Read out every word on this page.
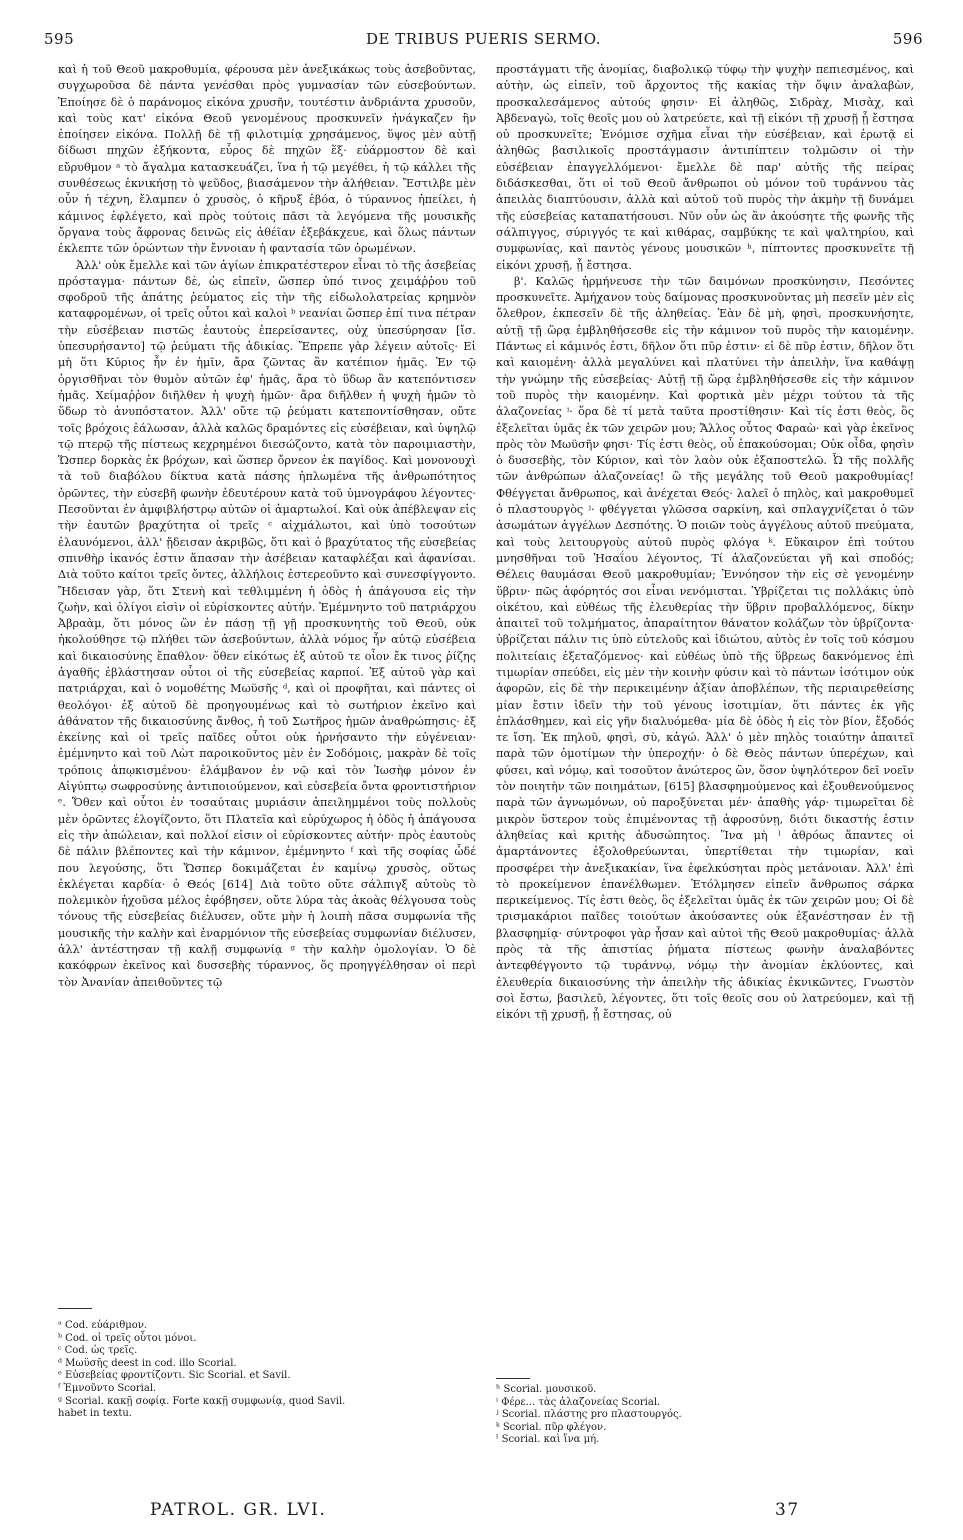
595	DE TRIBUS PUERIS SERMO.	596

καὶ ἡ τοῦ Θεοῦ μακροθυμία, φέρουσα μὲν ἀνεξικάκως τοὺς ἀσεβοῦντας, συγχωροῦσα δὲ πάντα γενέσθαι πρὸς γυμνασίαν τῶν εὐσεβούντων. Ἐποίησε δὲ ὁ παράνομος εἰκόνα χρυσῆν, τουτέστιν ἀνδριάντα χρυσοῦν, καὶ τοὺς κατ' εἰκόνα Θεοῦ γενομένους προσκυνεῖν ἠνάγκαζεν ἣν ἐποίησεν εἰκόνα. Πολλῇ δὲ τῇ φιλοτιμίᾳ χρησάμενος, ὕψος μὲν αὐτῇ δίδωσι πηχῶν ἑξήκοντα, εὖρος δὲ πηχῶν ἕξ· εὐάρμοστον δὲ καὶ εὔρυθμον ᵃ τὸ ἄγαλμα κατασκευάζει, ἵνα ἡ τῷ μεγέθει, ἡ τῷ κάλλει τῆς συνθέσεως ἐκνικήσῃ τὸ ψεῦδος, βιασάμενον τὴν ἀλήθειαν. Ἔστιλβε μὲν οὖν ἡ τέχνη, ἔλαμπεν ὁ χρυσὸς, ὁ κῆρυξ ἐβόα, ὁ τύραννος ἠπείλει, ἡ κάμινος ἐφλέγετο, καὶ πρὸς τούτοις πᾶσι τὰ λεγόμενα τῆς μουσικῆς ὄργανα τοὺς ἄφρονας δεινῶς εἰς ἀθέῖαν ἐξεβάκχευε, καὶ ὅλως πάντων ἐκλεπτε τῶν ὁρώντων τὴν ἔννοιαν ἡ φαντασία τῶν ὁρωμένων.

Ἀλλ' οὐκ ἔμελλε καὶ τῶν ἁγίων ἐπικρατέστερον εἶναι τὸ τῆς ἀσεβείας πρόσταγμα· πάντων δὲ, ὡς εἰπεῖν, ὥσπερ ὑπό τινος χειμάῤῥου τοῦ σφοδροῦ τῆς ἀπάτης ῥεύματος εἰς τὴν τῆς εἰδωλολατρείας κρημνὸν καταφρομένων, οἱ τρεῖς οὗτοι καὶ καλοὶ ᵇ νεανίαι ὥσπερ ἐπί τινα πέτραν τὴν εὐσέβειαν πιστῶς ἑαυτοὺς ἐπερείσαντες, οὐχ ὑπεσύρησαν [ἴσ. ὑπεσυρήσαντο] τῷ ῥεύματι τῆς ἀδικίας. Ἔπρεπε γὰρ λέγειν αὐτοῖς· Εἰ μὴ ὅτι Κύριος ἦν ἐν ἡμῖν, ἄρα ζῶντας ἂν κατέπιον ἡμᾶς. Ἐν τῷ ὀργισθῆναι τὸν θυμὸν αὐτῶν ἐφ' ἡμᾶς, ἄρα τὸ ὕδωρ ἂν κατεπόντισεν ἡμᾶς. Χείμαῤῥον διῆλθεν ἡ ψυχὴ ἡμῶν· ἄρα διῆλθεν ἡ ψυχὴ ἡμῶν τὸ ὕδωρ τὸ ἀνυπόστατον. Ἀλλ' οὔτε τῷ ῥεύματι κατεποντίσθησαν, οὔτε τοῖς βρόχοις ἑάλωσαν, ἀλλὰ καλῶς δραμόντες εἰς εὐσέβειαν, καὶ ὑψηλῷ τῷ πτερῷ τῆς πίστεως κεχρημένοι διεσώζοντο, κατὰ τὸν παροιμιαστὴν, Ὥσπερ δορκὰς ἐκ βρόχων, καὶ ὥσπερ ὄρνεον ἐκ παγίδος. Καὶ μονονουχὶ τὰ τοῦ διαβόλου δίκτυα κατὰ πάσης ἡπλωμένα τῆς ἀνθρωπότητος ὁρῶντες, τὴν εὐσεβῆ φωνὴν ἐδευτέρουν κατὰ τοῦ ὑμνογράφου λέγοντες· Πεσοῦνται ἐν ἀμφιβλήστρῳ αὐτῶν οἱ ἁμαρτωλοί. Καὶ οὐκ ἀπέβλεψαν εἰς τὴν ἑαυτῶν βραχύτητα οἱ τρεῖς ᶜ αἰχμάλωτοι, καὶ ὑπὸ τοσούτων ἐλαυνόμενοι, ἀλλ' ᾔδεισαν ἀκριβῶς, ὅτι καὶ ὁ βραχύτατος τῆς εὐσεβείας σπινθὴρ ἱκανός ἐστιν ἅπασαν τὴν ἀσέβειαν καταφλέξαι καὶ ἀφανίσαι. Διὰ τοῦτο καίτοι τρεῖς ὄντες, ἀλλήλοις ἐστερεοῦντο καὶ συνεσφίγγοντο. Ἤδεισαν γὰρ, ὅτι Στενὴ καὶ τεθλιμμένη ἡ ὁδὸς ἡ ἀπάγουσα εἰς τὴν ζωὴν, καὶ ὀλίγοι εἰσὶν οἱ εὑρίσκοντες αὐτήν. Ἐμέμνηντο τοῦ πατριάρχου Ἀβραὰμ, ὅτι μόνος ὢν ἐν πάσῃ τῇ γῇ προσκυνητὴς τοῦ Θεοῦ, οὐκ ἠκολούθησε τῷ πλήθει τῶν ἀσεβούντων, ἀλλὰ νόμος ἦν αὐτῷ εὐσέβεια καὶ δικαιοσύνης ἔπαθλον· ὅθεν εἰκότως ἐξ αὐτοῦ τε οἷον ἔκ τινος ῥίζης ἀγαθῆς ἐβλάστησαν οὗτοι οἱ τῆς εὐσεβείας καρποί. Ἐξ αὐτοῦ γὰρ καὶ πατριάρχαι, καὶ ὁ νομοθέτης Μωϋσῆς ᵈ, καὶ οἱ προφῆται, καὶ πάντες οἱ θεολόγοι· ἐξ αὐτοῦ δὲ προηγουμένως καὶ τὸ σωτήριον ἐκεῖνο καὶ ἀθάνατον τῆς δικαιοσύνης ἄνθος, ἡ τοῦ Σωτῆρος ἡμῶν ἀναθρώπησις· ἐξ ἐκείνης καὶ οἱ τρεῖς παῖδες οὗτοι οὐκ ἠρνήσαντο τὴν εὐγένειαν· ἐμέμνηντο καὶ τοῦ Λὼτ παροικοῦντος μὲν ἐν Σοδόμοις, μακρὰν δὲ τοῖς τρόποις ἀπῳκισμένου· ἐλάμβανον ἐν νῷ καὶ τὸν Ἰωσὴφ μόνον ἐν Αἰγύπτῳ σωφροσύνης ἀντιποιούμενον, καὶ εὐσεβεία ὄντα φροντιστήριον ᵉ. Ὅθεν καὶ οὗτοι ἐν τοσαύταις μυριάσιν ἀπειλημμένοι τοὺς πολλοὺς μὲν ὁρῶντες ἐλογίζοντο, ὅτι Πλατεῖα καὶ εὐρύχωρος ἡ ὁδὸς ἡ ἀπάγουσα εἰς τὴν ἀπώλειαν, καὶ πολλοί εἰσιν οἱ εὑρίσκοντες αὐτήν· πρὸς ἑαυτοὺς δὲ πάλιν βλέποντες καὶ τὴν κάμινον, ἐμέμνηντο ᶠ καὶ τῆς σοφίας ὧδέ που λεγούσης, ὅτι Ὥσπερ δοκιμάζεται ἐν καμίνῳ χρυσὸς, οὕτως ἐκλέγεται καρδία· ὁ Θεός [614] Διὰ τοῦτο οὔτε σάλπιγξ αὐτοὺς τὸ πολεμικὸν ἠχοῦσα μέλος ἐφόβησεν, οὔτε λύρα τὰς ἀκοὰς θέλγουσα τοὺς τόνους τῆς εὐσεβείας διέλυσεν, οὔτε μὴν ἡ λοιπὴ πᾶσα συμφωνία τῆς μουσικῆς τὴν καλὴν καὶ ἐναρμόνιον τῆς εὐσεβείας συμφωνίαν διέλυσεν, ἀλλ' ἀντέστησαν τῇ καλῇ συμφωνίᾳ ᵍ τὴν καλὴν ὁμολογίαν. Ὁ δὲ κακόφρων ἐκεῖνος καὶ δυσσεβὴς τύραννος, ὅς προηγγέλθησαν οἱ περὶ τὸν Ἀνανίαν ἀπειθοῦντες τῷ

προστάγματι τῆς ἀνομίας, διαβολικῷ τύφῳ τὴν ψυχὴν πεπιεσμένος, καὶ αὐτὴν, ὡς εἰπεῖν, τοῦ ἄρχοντος τῆς κακίας τὴν ὄψιν ἀναλαβὼν, προσκαλεσάμενος αὐτούς φησιν· Εἰ ἀληθῶς, Σιδρὰχ, Μισὰχ, καὶ Ἀβδεναγὼ, τοῖς θεοῖς μου οὐ λατρεύετε, καὶ τῇ εἰκόνι τῇ χρυσῇ ᾗ ἔστησα οὐ προσκυνεῖτε; Ἐνόμισε σχῆμα εἶναι τὴν εὐσέβειαν, καὶ ἐρωτᾷ εἰ ἀληθῶς βασιλικοῖς προστάγμασιν ἀντιπίπτειν τολμῶσιν οἱ τὴν εὐσέβειαν ἐπαγγελλόμενοι· ἔμελλε δὲ παρ' αὐτῆς τῆς πείρας διδάσκεσθαι, ὅτι οἱ τοῦ Θεοῦ ἄνθρωποι οὐ μόνον τοῦ τυράννου τὰς ἀπειλὰς διαπτύουσιν, ἀλλὰ καὶ αὐτοῦ τοῦ πυρὸς τὴν ἀκμὴν τῇ δυνάμει τῆς εὐσεβείας καταπατήσουσι. Νῦν οὖν ὡς ἂν ἀκούσητε τῆς φωνῆς τῆς σάλπιγγος, σύριγγός τε καὶ κιθάρας, σαμβύκης τε καὶ ψαλτηρίου, καὶ συμφωνίας, καὶ παντὸς γένους μουσικῶν ʰ, πίπτοντες προσκυνεῖτε τῇ εἰκόνι χρυσῇ, ᾗ ἔστησα.

β'. Καλῶς ἡρμήνευσε τὴν τῶν δαιμόνων προσκύνησιν, Πεσόντες προσκυνεῖτε. Ἀμήχανον τοὺς δαίμονας προσκυνοῦντας μὴ πεσεῖν μὲν εἰς ὄλεθρον, ἐκπεσεῖν δὲ τῆς ἀληθείας. Ἐὰν δὲ μὴ, φησὶ, προσκυνήσητε, αὐτῇ τῇ ὥρᾳ ἐμβληθήσεσθε εἰς τὴν κάμινον τοῦ πυρὸς τὴν καιομένην. Πάντως εἰ κάμινός ἐστι, δῆλον ὅτι πῦρ ἐστιν· εἰ δὲ πῦρ ἐστιν, δῆλον ὅτι καὶ καιομένη· ἀλλὰ μεγαλύνει καὶ πλατύνει τὴν ἀπειλὴν, ἵνα καθάψῃ τὴν γνώμην τῆς εὐσεβείας· Αὐτῇ τῇ ὥρᾳ ἐμβληθήσεσθε εἰς τὴν κάμινον τοῦ πυρὸς τὴν καιομένην. Καὶ φορτικὰ μὲν μέχρι τούτου τὰ τῆς ἀλαζονείας ⁱ· ὅρα δὲ τί μετὰ ταῦτα προστίθησιν· Καὶ τίς ἐστι θεὸς, ὃς ἐξελεῖται ὑμᾶς ἐκ τῶν χειρῶν μου; Ἄλλος οὗτος Φαραὼ· καὶ γὰρ ἐκεῖνος πρὸς τὸν Μωϋσῆν φησι· Τίς ἐστι θεὸς, οὗ ἐπακούσομαι; Οὐκ οἶδα, φησὶν ὁ δυσσεβὴς, τὸν Κύριον, καὶ τὸν λαὸν οὐκ ἐξαποστελῶ. Ὦ τῆς πολλῆς τῶν ἀνθρώπων ἀλαζονείας! ὢ τῆς μεγάλης τοῦ Θεοῦ μακροθυμίας! Φθέγγεται ἄνθρωπος, καὶ ἀνέχεται Θεός· λαλεῖ ὁ πηλὸς, καὶ μακροθυμεῖ ὁ πλαστουργὸς ʲ· φθέγγεται γλῶσσα σαρκίνη, καὶ σπλαγχνίζεται ὁ τῶν ἀσωμάτων ἀγγέλων Δεσπότης. Ὁ ποιῶν τοὺς ἀγγέλους αὐτοῦ πνεύματα, καὶ τοὺς λειτουργοὺς αὐτοῦ πυρὸς φλόγα ᵏ. Εὔκαιρον ἐπὶ τούτου μνησθῆναι τοῦ Ἡσαΐου λέγοντος, Τί ἀλαζονεύεται γῆ καὶ σποδός; Θέλεις θαυμάσαι Θεοῦ μακροθυμίαν; Ἐννόησον τὴν εἰς σὲ γενομένην ὕβριν· πῶς ἀφόρητός σοι εἶναι νενόμισται. Ὑβρίζεται τις πολλάκις ὑπὸ οἰκέτου, καὶ εὐθέως τῆς ἐλευθερίας τὴν ὕβριν προβαλλόμενος, δίκην ἀπαιτεῖ τοῦ τολμήματος, ἀπαραίτητον θάνατον κολάζων τὸν ὑβρίζοντα· ὑβρίζεται πάλιν τις ὑπὸ εὐτελοῦς καὶ ἰδιώτου, αὐτὸς ἐν τοῖς τοῦ κόσμου πολιτείαις ἐξεταζόμενος· καὶ εὐθέως ὑπὸ τῆς ὕβρεως δακνόμενος ἐπὶ τιμωρίαν σπεύδει, εἰς μὲν τὴν κοινὴν φύσιν καὶ τὸ πάντων ἰσότιμον οὐκ ἀφορῶν, εἰς δὲ τὴν περικειμένην ἀξίαν ἀποβλέπων, τῆς περιαιρεθείσης μίαν ἔστιν ἰδεῖν τὴν τοῦ γένους ἰσοτιμίαν, ὅτι πάντες ἐκ γῆς ἐπλάσθημεν, καὶ εἰς γῆν διαλυόμεθα· μία δὲ ὁδὸς ἡ εἰς τὸν βίον, ἔξοδός τε ἴση. Ἐκ πηλοῦ, φησὶ, σὺ, κἀγώ. Ἀλλ' ὁ μὲν πηλὸς τοιαύτην ἀπαιτεῖ παρὰ τῶν ὁμοτίμων τὴν ὑπεροχήν· ὁ δὲ Θεὸς πάντων ὑπερέχων, καὶ φύσει, καὶ νόμῳ, καὶ τοσοῦτον ἀνώτερος ὢν, ὅσον ὑψηλότερον δεῖ νοεῖν τὸν ποιητὴν τῶν ποιημάτων, [615] βλασφημούμενος καὶ ἐξουθενούμενος παρὰ τῶν ἀγνωμόνων, οὐ παροξύνεται μέν· ἀπαθὴς γάρ· τιμωρεῖται δὲ μικρὸν ὕστερον τοὺς ἐπιμένοντας τῇ ἀφροσύνῃ, διότι δικαστής ἐστιν ἀληθείας καὶ κριτὴς ἀδυσώπητος. Ἵνα μὴ ˡ ἀθρόως ἅπαντες οἱ ἁμαρτάνοντες ἐξολοθρεύωνται, ὑπερτίθεται τὴν τιμωρίαν, καὶ προσφέρει τὴν ἀνεξικακίαν, ἵνα ἐφελκύσηται πρὸς μετάνοιαν. Ἀλλ' ἐπὶ τὸ προκείμενον ἐπανέλθωμεν. Ἐτόλμησεν εἰπεῖν ἄνθρωπος σάρκα περικείμενος. Τίς ἐστι θεὸς, ὃς ἐξελεῖται ὑμᾶς ἐκ τῶν χειρῶν μου; Οἱ δὲ τρισμακάριοι παῖδες τοιούτων ἀκούσαντες οὐκ ἐξανέστησαν ἐν τῇ βλασφημίᾳ· σύντροφοι γὰρ ἦσαν καὶ αὐτοὶ τῆς Θεοῦ μακροθυμίας· ἀλλὰ πρὸς τὰ τῆς ἀπιστίας ῥήματα πίστεως φωνὴν ἀναλαβόντες ἀντεφθέγγοντο τῷ τυράννῳ, νόμῳ τὴν ἀνομίαν ἐκλύοντες, καὶ ἐλευθερία δικαιοσύνης τὴν ἀπειλὴν τῆς ἀδικίας ἐκνικῶντες, Γνωστὸν σοὶ ἔστω, βασιλεῦ, λέγοντες, ὅτι τοῖς θεοῖς σου οὐ λατρεύομεν, καὶ τῇ εἰκόνι τῇ χρυσῇ, ᾗ ἔστησας, οὐ

ᵃ Cod. εὐάριθμον.
ᵇ Cod. οἱ τρεῖς οὗτοι μόνοι.
ᶜ Cod. ὡς τρεῖς.
ᵈ Μωϋσῆς deest in cod. illo Scorial.
ᵉ Εὐσεβείας φροντίζοντι. Sic Scorial. et Savil.
ᶠ Ἐμνοῦντο Scorial.
ᵍ Scorial. κακῇ σοφίᾳ. Forte κακῇ συμφωνίᾳ, quod Savil.
habet in textu.
ʰ Scorial. μουσικοῦ.
ⁱ Φέρε... τὰς ἀλαζονείας Scorial.
ʲ Scorial. πλάστης pro πλαστουργός.
ᵏ Scorial. πῦρ φλέγον.
ˡ Scorial. καὶ ἵνα μή.
PATROL. GR. LVI.	37
